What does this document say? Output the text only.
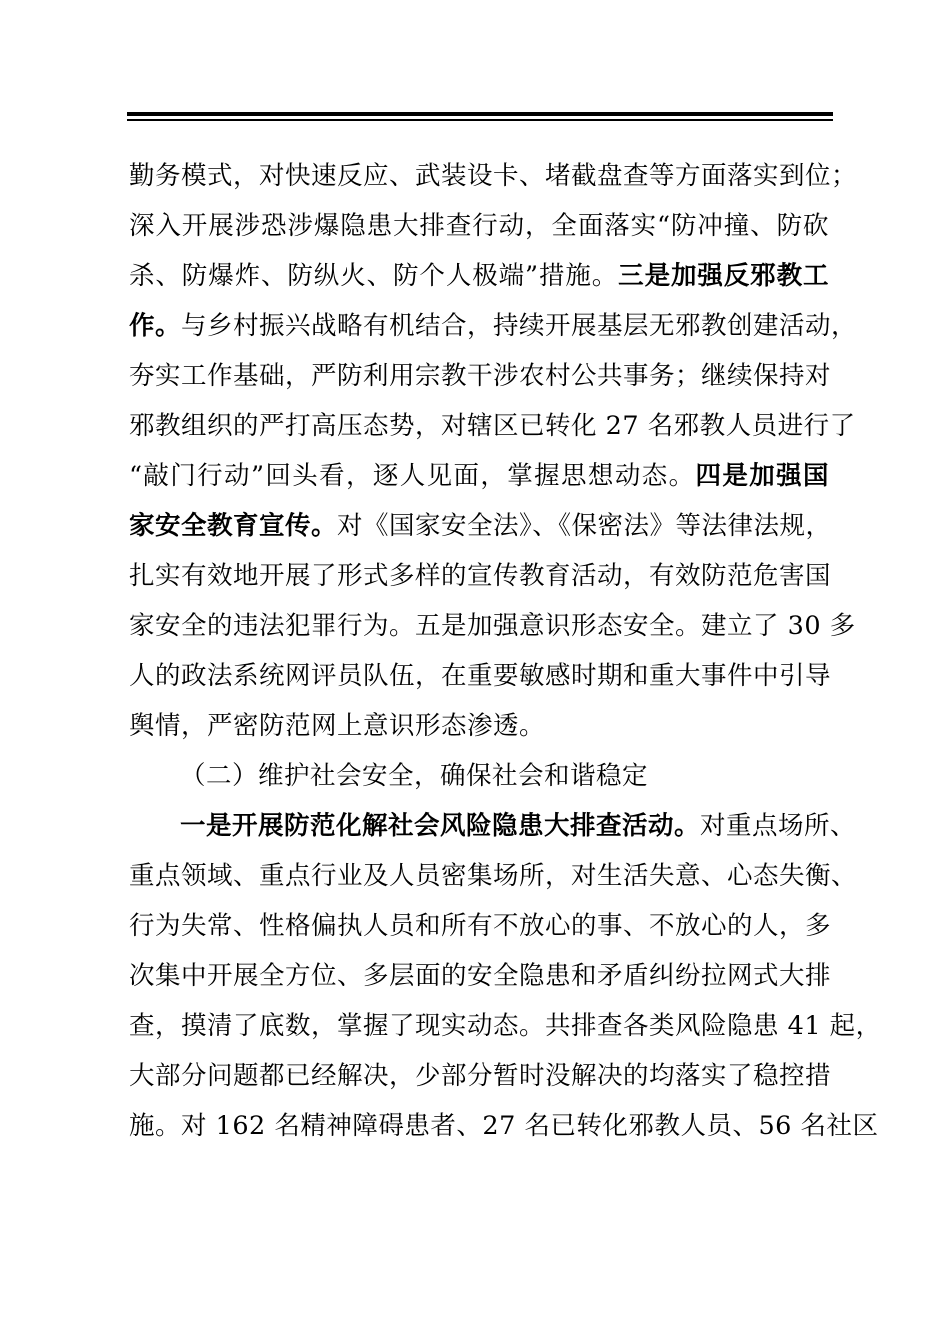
勤务模式，对快速反应、武装设卡、堵截盘查等方面落实到位；
深入开展涉恐涉爆隐患大排查行动，全面落实“防冲撞、防砍
杀、防爆炸、防纵火、防个人极端”措施。三是加强反邪教工
作。与乡村振兴战略有机结合，持续开展基层无邪教创建活动，
夯实工作基础，严防利用宗教干涉农村公共事务；继续保持对
邪教组织的严打高压态势，对辖区已转化 27 名邪教人员进行了
“敲门行动”回头看，逐人见面，掌握思想动态。四是加强国
家安全教育宣传。对《国家安全法》、《保密法》等法律法规，
扎实有效地开展了形式多样的宣传教育活动，有效防范危害国
家安全的违法犯罪行为。五是加强意识形态安全。建立了 30 多
人的政法系统网评员队伍，在重要敏感时期和重大事件中引导
舆情，严密防范网上意识形态渗透。
（二）维护社会安全，确保社会和谐稳定
一是开展防范化解社会风险隐患大排查活动。对重点场所、
重点领域、重点行业及人员密集场所，对生活失意、心态失衡、
行为失常、性格偏执人员和所有不放心的事、不放心的人，多
次集中开展全方位、多层面的安全隐患和矛盾纠纷拉网式大排
查，摸清了底数，掌握了现实动态。共排查各类风险隐患 41 起，
大部分问题都已经解决，少部分暂时没解决的均落实了稳控措
施。对 162 名精神障碍患者、27 名已转化邪教人员、56 名社区
